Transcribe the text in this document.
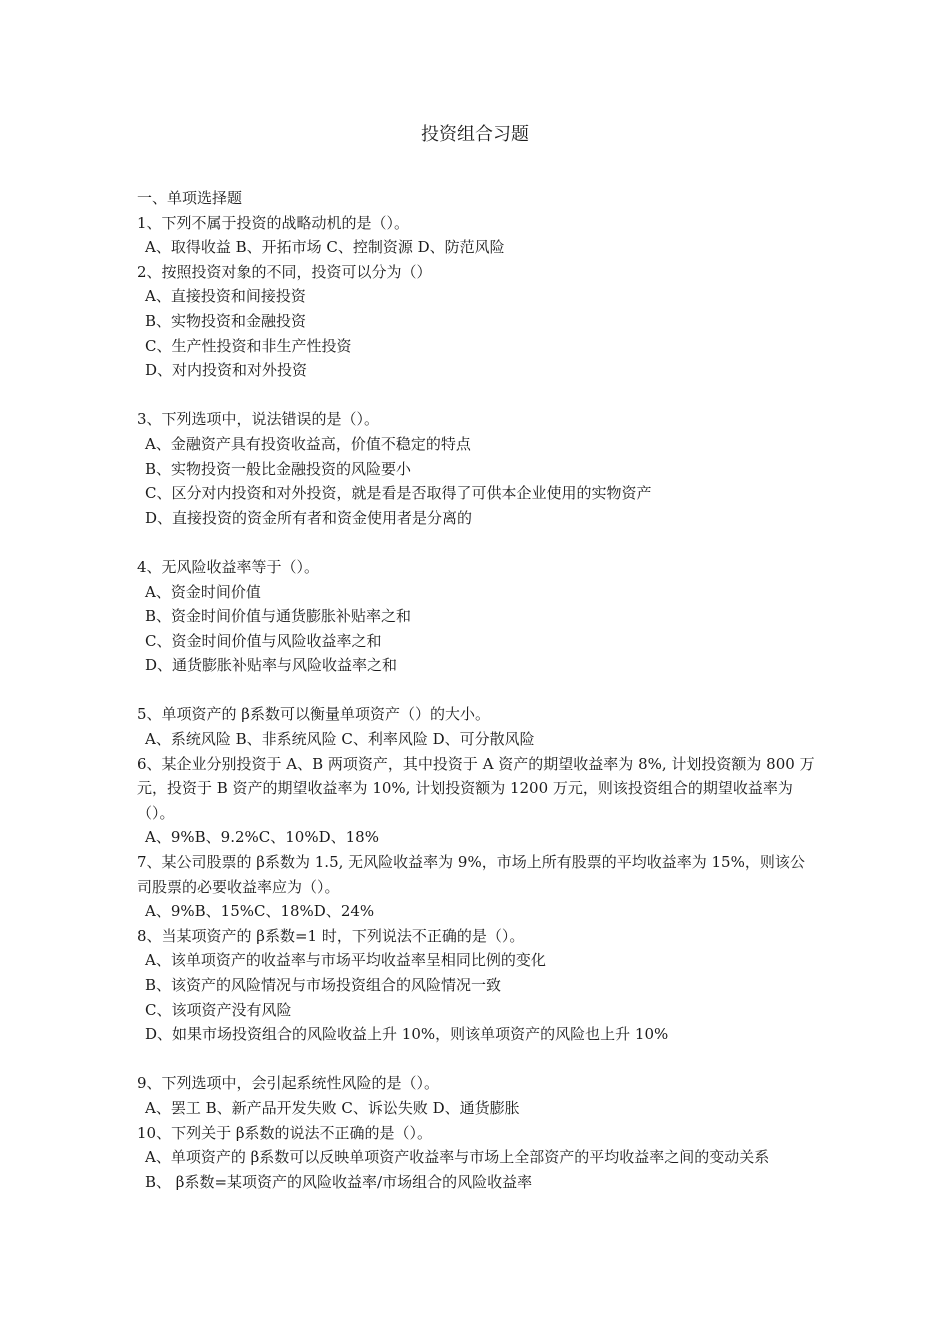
投资组合习题

一、单项选择题

1、下列不属于投资的战略动机的是（）。

A、取得收益 B、开拓市场 C、控制资源 D、防范风险

2、按照投资对象的不同，投资可以分为（）

A、直接投资和间接投资

B、实物投资和金融投资

C、生产性投资和非生产性投资

D、对内投资和对外投资

3、下列选项中，说法错误的是（）。

A、金融资产具有投资收益高，价值不稳定的特点

B、实物投资一般比金融投资的风险要小

C、区分对内投资和对外投资，就是看是否取得了可供本企业使用的实物资产

D、直接投资的资金所有者和资金使用者是分离的

4、无风险收益率等于（）。

A、资金时间价值

B、资金时间价值与通货膨胀补贴率之和

C、资金时间价值与风险收益率之和

D、通货膨胀补贴率与风险收益率之和

5、单项资产的 β系数可以衡量单项资产（）的大小。

A、系统风险 B、非系统风险 C、利率风险 D、可分散风险

6、某企业分别投资于 A、B 两项资产，其中投资于 A 资产的期望收益率为 8%, 计划投资额为 800 万元，投资于 B 资产的期望收益率为 10%, 计划投资额为 1200 万元，则该投资组合的期望收益率为（）。

A、9%B、9.2%C、10%D、18%

7、某公司股票的 β系数为 1.5, 无风险收益率为 9%，市场上所有股票的平均收益率为 15%，则该公司股票的必要收益率应为（）。

A、9%B、15%C、18%D、24%

8、当某项资产的 β系数=1 时，下列说法不正确的是（）。

A、该单项资产的收益率与市场平均收益率呈相同比例的变化

B、该资产的风险情况与市场投资组合的风险情况一致

C、该项资产没有风险

D、如果市场投资组合的风险收益上升 10%，则该单项资产的风险也上升 10%

9、下列选项中，会引起系统性风险的是（）。

A、罢工 B、新产品开发失败 C、诉讼失败 D、通货膨胀

10、下列关于 β系数的说法不正确的是（）。

A、单项资产的 β系数可以反映单项资产收益率与市场上全部资产的平均收益率之间的变动关系

B、 β系数=某项资产的风险收益率/市场组合的风险收益率
